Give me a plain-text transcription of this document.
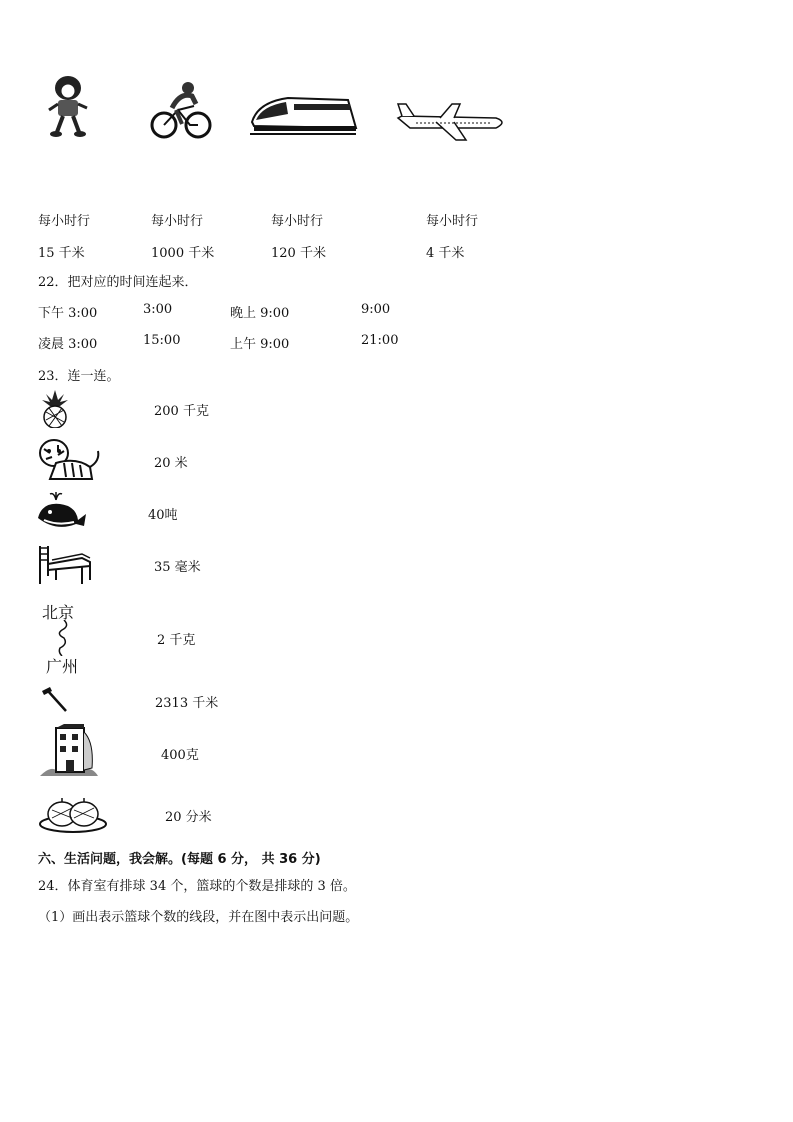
每小时行	每小时行	每小时行	每小时行
15 千米	1000 千米	120 千米	4 千米
22．把对应的时间连起来．
下午 3:00	3:00	晚上 9:00	9:00
凌晨 3:00	15:00	上午 9:00	21:00
23．连一连。
200 千克
20 米
40吨
35 毫米
北京
广州
2 千克
2313 千米
400克
20 分米
六、生活问题，我会解。(每题 6 分， 共 36 分)
24．体育室有排球 34 个，篮球的个数是排球的 3 倍。
（1）画出表示篮球个数的线段，并在图中表示出问题。
